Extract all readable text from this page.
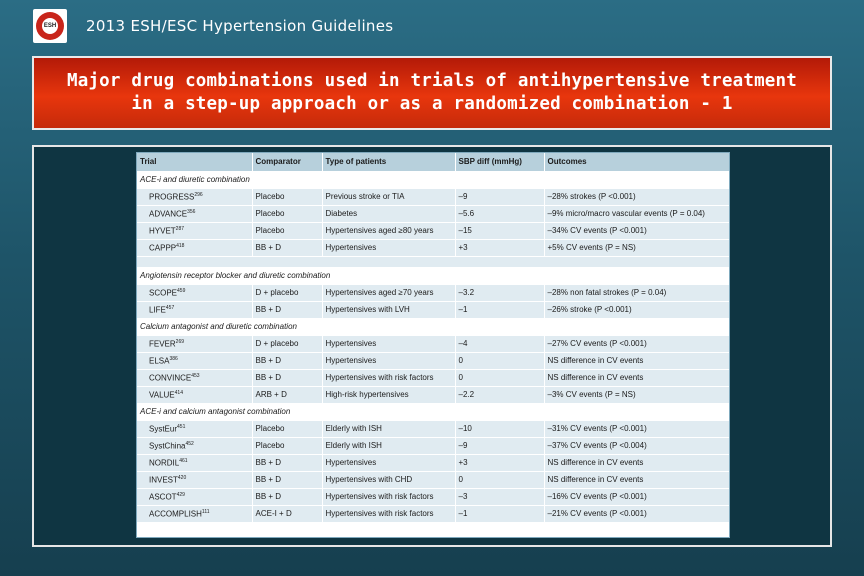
ESH 2013 ESH/ESC Hypertension Guidelines
Major drug combinations used in trials of antihypertensive treatment
in a step-up approach or as a randomized combination - 1
Trial	Comparator	Type of patients	SBP diff (mmHg)	Outcomes
ACE-i and diuretic combination				
PROGRESS$^{296}$	Placebo	Previous stroke or TIA	–9	–28% strokes (P <0.001)
ADVANCE$^{356}$	Placebo	Diabetes	–5.6	–9% micro/macro vascular events (P = 0.04)
HYVET$^{287}$	Placebo	Hypertensives aged ≥80 years	–15	–34% CV events (P <0.001)
CAPPP$^{418}$	BB + D	Hypertensives	+3	+5% CV events (P = NS)

Angiotensin receptor blocker and diuretic combination				
SCOPE$^{459}$	D + placebo	Hypertensives aged ≥70 years	–3.2	–28% non fatal strokes (P = 0.04)
LIFE$^{457}$	BB + D	Hypertensives with LVH	–1	–26% stroke (P <0.001)
Calcium antagonist and diuretic combination				
FEVER$^{269}$	D + placebo	Hypertensives	–4	–27% CV events (P <0.001)
ELSA$^{386}$	BB + D	Hypertensives	0	NS difference in CV events
CONVINCE$^{453}$	BB + D	Hypertensives with risk factors	0	NS difference in CV events
VALUE$^{414}$	ARB + D	High-risk hypertensives	–2.2	–3% CV events (P = NS)
ACE-i and calcium antagonist combination				
SystEur$^{451}$	Placebo	Elderly with ISH	–10	–31% CV events (P <0.001)
SystChina$^{452}$	Placebo	Elderly with ISH	–9	–37% CV events (P <0.004)
NORDIL$^{461}$	BB + D	Hypertensives	+3	NS difference in CV events
INVEST$^{420}$	BB + D	Hypertensives with CHD	0	NS difference in CV events
ASCOT$^{429}$	BB + D	Hypertensives with risk factors	–3	–16% CV events (P <0.001)
ACCOMPLISH$^{111}$	ACE-I + D	Hypertensives with risk factors	–1	–21% CV events (P <0.001)
